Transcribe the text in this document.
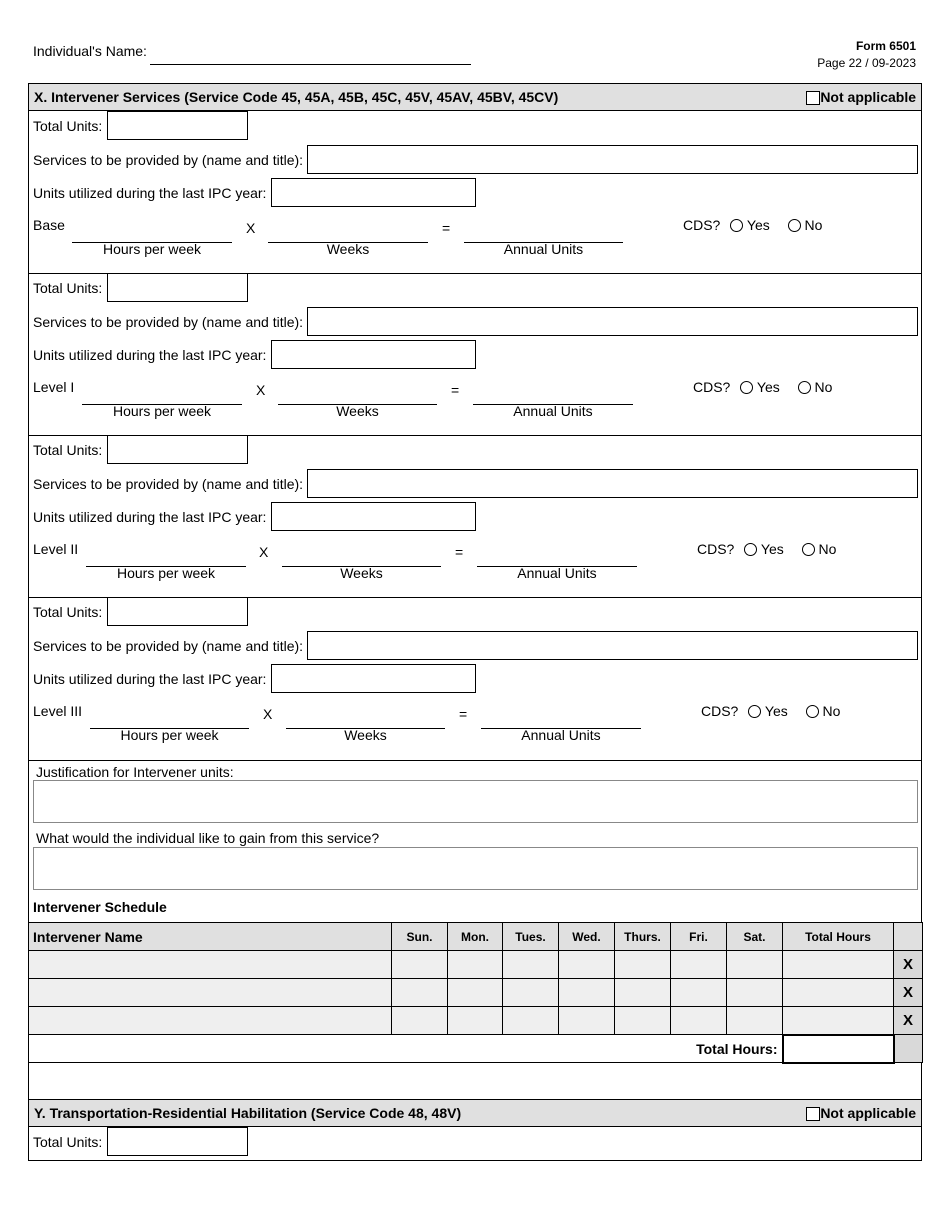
Individual's Name:	Form 6501
Page 22 / 09-2023
X. Intervener Services (Service Code 45, 45A, 45B, 45C, 45V, 45AV, 45BV, 45CV)	Not applicable
Total Units:
Services to be provided by (name and title):
Units utilized during the last IPC year:
Base
Hours per week
X
Weeks
=
Annual Units
CDS? Yes No
Total Units:
Services to be provided by (name and title):
Units utilized during the last IPC year:
Level I
Hours per week
X
Weeks
=
Annual Units
CDS? Yes No
Total Units:
Services to be provided by (name and title):
Units utilized during the last IPC year:
Level II
Hours per week
X
Weeks
=
Annual Units
CDS? Yes No
Total Units:
Services to be provided by (name and title):
Units utilized during the last IPC year:
Level III
Hours per week
X
Weeks
=
Annual Units
CDS? Yes No
Justification for Intervener units:
What would the individual like to gain from this service?
Intervener Schedule
Intervener Name	Sun.	Mon.	Tues.	Wed.	Thurs.	Fri.	Sat.	Total Hours	
									X
									X
									X
Total Hours:									
Y. Transportation-Residential Habilitation (Service Code 48, 48V)	Not applicable
Total Units:
